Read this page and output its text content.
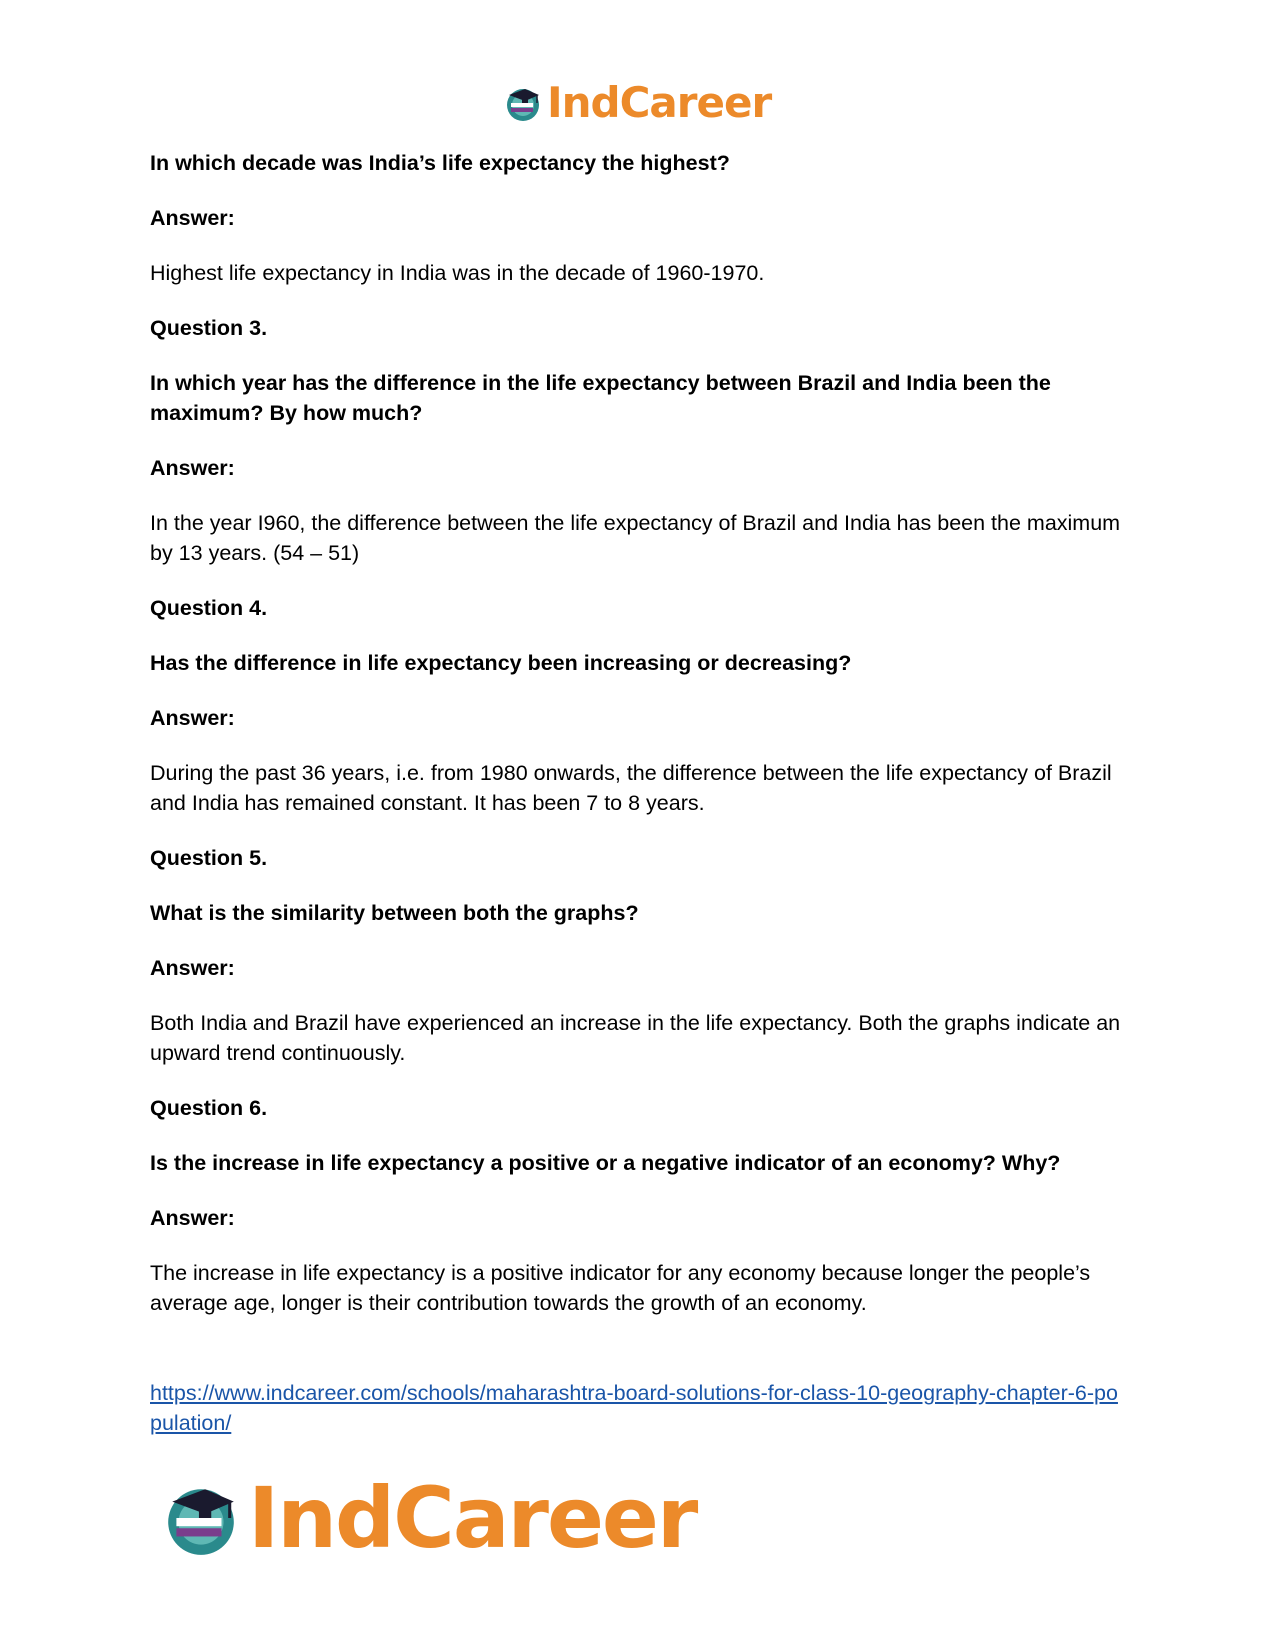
IndCareer

In which decade was India’s life expectancy the highest?

Answer:

Highest life expectancy in India was in the decade of 1960-1970.

Question 3.

In which year has the difference in the life expectancy between Brazil and India been the maximum? By how much?

Answer:

In the year I960, the difference between the life expectancy of Brazil and India has been the maximum by 13 years. (54 – 51)

Question 4.

Has the difference in life expectancy been increasing or decreasing?

Answer:

During the past 36 years, i.e. from 1980 onwards, the difference between the life expectancy of Brazil and India has remained constant. It has been 7 to 8 years.

Question 5.

What is the similarity between both the graphs?

Answer:

Both India and Brazil have experienced an increase in the life expectancy. Both the graphs indicate an upward trend continuously.

Question 6.

Is the increase in life expectancy a positive or a negative indicator of an economy? Why?

Answer:

The increase in life expectancy is a positive indicator for any economy because longer the people’s average age, longer is their contribution towards the growth of an economy.

https://www.indcareer.com/schools/maharashtra-board-solutions-for-class-10-geography-chapter-6-population/
IndCareer
